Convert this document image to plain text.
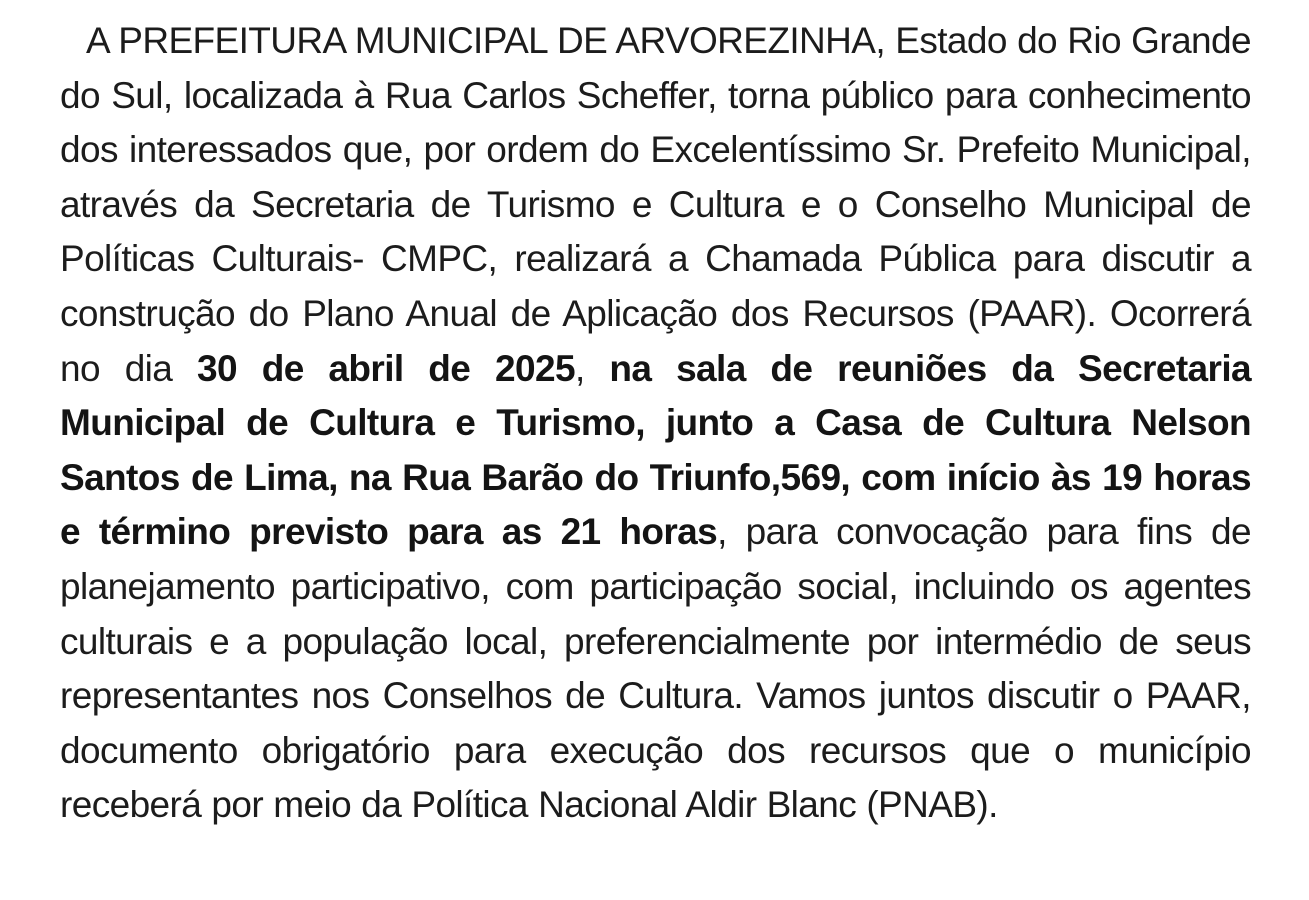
A PREFEITURA MUNICIPAL DE ARVOREZINHA, Estado do Rio Grande do Sul, localizada à Rua Carlos Scheffer, torna público para conhecimento dos interessados que, por ordem do Excelentíssimo Sr. Prefeito Municipal, através da Secretaria de Turismo e Cultura e o Conselho Municipal de Políticas Culturais- CMPC, realizará a Chamada Pública para discutir a construção do Plano Anual de Aplicação dos Recursos (PAAR). Ocorrerá no dia 30 de abril de 2025, na sala de reuniões da Secretaria Municipal de Cultura e Turismo, junto a Casa de Cultura Nelson Santos de Lima, na Rua Barão do Triunfo,569, com início às 19 horas e término previsto para as 21 horas, para convocação para fins de planejamento participativo, com participação social, incluindo os agentes culturais e a população local, preferencialmente por intermédio de seus representantes nos Conselhos de Cultura. Vamos juntos discutir o PAAR, documento obrigatório para execução dos recursos que o município receberá por meio da Política Nacional Aldir Blanc (PNAB).
